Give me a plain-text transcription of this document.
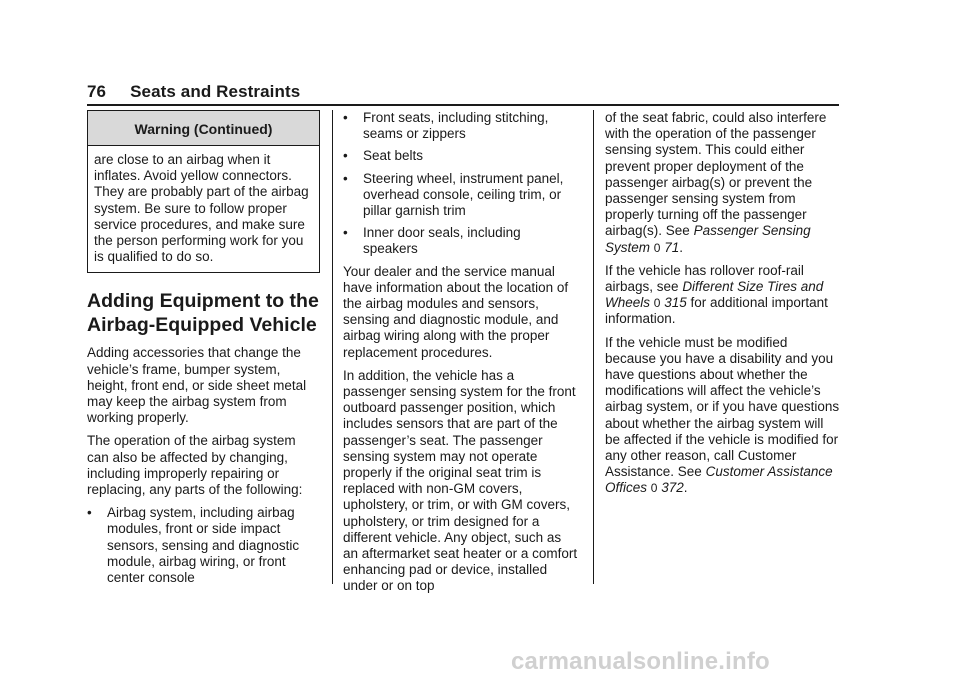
76 Seats and Restraints
Warning (Continued)
are close to an airbag when it inflates. Avoid yellow connectors. They are probably part of the airbag system. Be sure to follow proper service procedures, and make sure the person performing work for you is qualified to do so.
Adding Equipment to the Airbag-Equipped Vehicle

Adding accessories that change the vehicle’s frame, bumper system, height, front end, or side sheet metal may keep the airbag system from working properly.

The operation of the airbag system can also be affected by changing, including improperly repairing or replacing, any parts of the following:

• Airbag system, including airbag modules, front or side impact sensors, sensing and diagnostic module, airbag wiring, or front center console
• Front seats, including stitching, seams or zippers
• Seat belts
• Steering wheel, instrument panel, overhead console, ceiling trim, or pillar garnish trim
• Inner door seals, including speakers

Your dealer and the service manual have information about the location of the airbag modules and sensors, sensing and diagnostic module, and airbag wiring along with the proper replacement procedures.

In addition, the vehicle has a passenger sensing system for the front outboard passenger position, which includes sensors that are part of the passenger’s seat. The passenger sensing system may not operate properly if the original seat trim is replaced with non-GM covers, upholstery, or trim, or with GM covers, upholstery, or trim designed for a different vehicle. Any object, such as an aftermarket seat heater or a comfort enhancing pad or device, installed under or on top

of the seat fabric, could also interfere with the operation of the passenger sensing system. This could either prevent proper deployment of the passenger airbag(s) or prevent the passenger sensing system from properly turning off the passenger airbag(s). See Passenger Sensing System 0 71.

If the vehicle has rollover roof-rail airbags, see Different Size Tires and Wheels 0 315 for additional important information.

If the vehicle must be modified because you have a disability and you have questions about whether the modifications will affect the vehicle’s airbag system, or if you have questions about whether the airbag system will be affected if the vehicle is modified for any other reason, call Customer Assistance. See Customer Assistance Offices 0 372.

carmanualsonline.info
